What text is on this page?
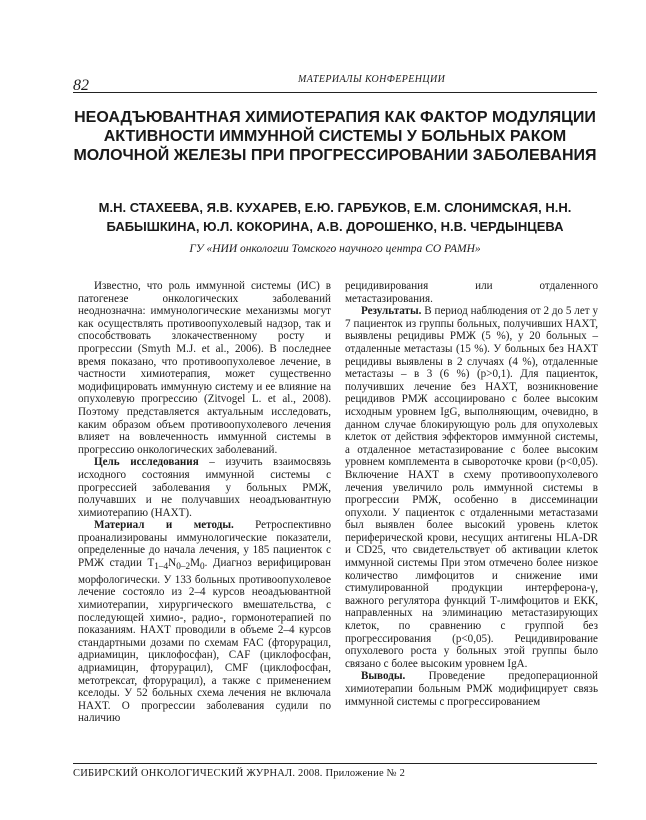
МАТЕРИАЛЫ КОНФЕРЕНЦИИ
82
НЕОАДЪЮВАНТНАЯ ХИМИОТЕРАПИЯ КАК ФАКТОР МОДУЛЯЦИИ АКТИВНОСТИ ИММУННОЙ СИСТЕМЫ У БОЛЬНЫХ РАКОМ МОЛОЧНОЙ ЖЕЛЕЗЫ ПРИ ПРОГРЕССИРОВАНИИ ЗАБОЛЕВАНИЯ

М.Н. СТАХЕЕВА, Я.В. КУХАРЕВ, Е.Ю. ГАРБУКОВ, Е.М. СЛОНИМСКАЯ, Н.Н. БАБЫШКИНА, Ю.Л. КОКОРИНА, А.В. ДОРОШЕНКО, Н.В. ЧЕРДЫНЦЕВА

ГУ «НИИ онкологии Томского научного центра СО РАМН»

Известно, что роль иммунной системы (ИС) в патогенезе онкологических заболеваний неоднозначна: иммунологические механизмы могут как осуществлять противоопухолевый надзор, так и способствовать злокачественному росту и прогрессии (Smyth M.J. et al., 2006). В последнее время показано, что противоопухолевое лечение, в частности химиотерапия, может существенно модифицировать иммунную систему и ее влияние на опухолевую прогрессию (Zitvogel L. et al., 2008). Поэтому представляется актуальным исследовать, каким образом объем противоопухолевого лечения влияет на вовлеченность иммунной системы в прогрессию онкологических заболеваний.

Цель исследования – изучить взаимосвязь исходного состояния иммунной системы с прогрессией заболевания у больных РМЖ, получавших и не получавших неоадъювантную химиотерапию (НАХТ).

Материал и методы. Ретроспективно проанализированы иммунологические показатели, определенные до начала лечения, у 185 пациенток с РМЖ стадии $T_{1-4}N_{0-2}M_0$. Диагноз верифицирован морфологически. У 133 больных противоопухолевое лечение состояло из 2–4 курсов неоадъювантной химиотерапии, хирургического вмешательства, с последующей химио-, радио-, гормонотерапией по показаниям. НАХТ проводили в объеме 2–4 курсов стандартными дозами по схемам FAC (фторурацил, адриамицин, циклофосфан), CAF (циклофосфан, адриамицин, фторурацил), CMF (циклофосфан, метотрексат, фторурацил), а также с применением кселоды. У 52 больных схема лечения не включала НАХТ. О прогрессии заболевания судили по наличию

рецидивирования или отдаленного метастазирования.

Результаты. В период наблюдения от 2 до 5 лет у 7 пациенток из группы больных, получивших НАХТ, выявлены рецидивы РМЖ (5 %), у 20 больных – отдаленные метастазы (15 %). У больных без НАХТ рецидивы выявлены в 2 случаях (4 %), отдаленные метастазы – в 3 (6 %) (p>0,1). Для пациенток, получивших лечение без НАХТ, возникновение рецидивов РМЖ ассоциировано с более высоким исходным уровнем IgG, выполняющим, очевидно, в данном случае блокирующую роль для опухолевых клеток от действия эффекторов иммунной системы, а отдаленное метастазирование с более высоким уровнем комплемента в сывороточке крови (p<0,05). Включение НАХТ в схему противоопухолевого лечения увеличило роль иммунной системы в прогрессии РМЖ, особенно в диссеминации опухоли. У пациенток с отдаленными метастазами был выявлен более высокий уровень клеток периферической крови, несущих антигены HLA-DR и CD25, что свидетельствует об активации клеток иммунной системы При этом отмечено более низкое количество лимфоцитов и снижение ими стимулированной продукции интерферона-γ, важного регулятора функций Т-лимфоцитов и ЕКК, направленных на элиминацию метастазирующих клеток, по сравнению с группой без прогрессирования (p<0,05). Рецидивирование опухолевого роста у больных этой группы было связано с более высоким уровнем IgA.

Выводы. Проведение предоперационной химиотерапии больным РМЖ модифицирует связь иммунной системы с прогрессированием

СИБИРСКИЙ ОНКОЛОГИЧЕСКИЙ ЖУРНАЛ. 2008. Приложение № 2
